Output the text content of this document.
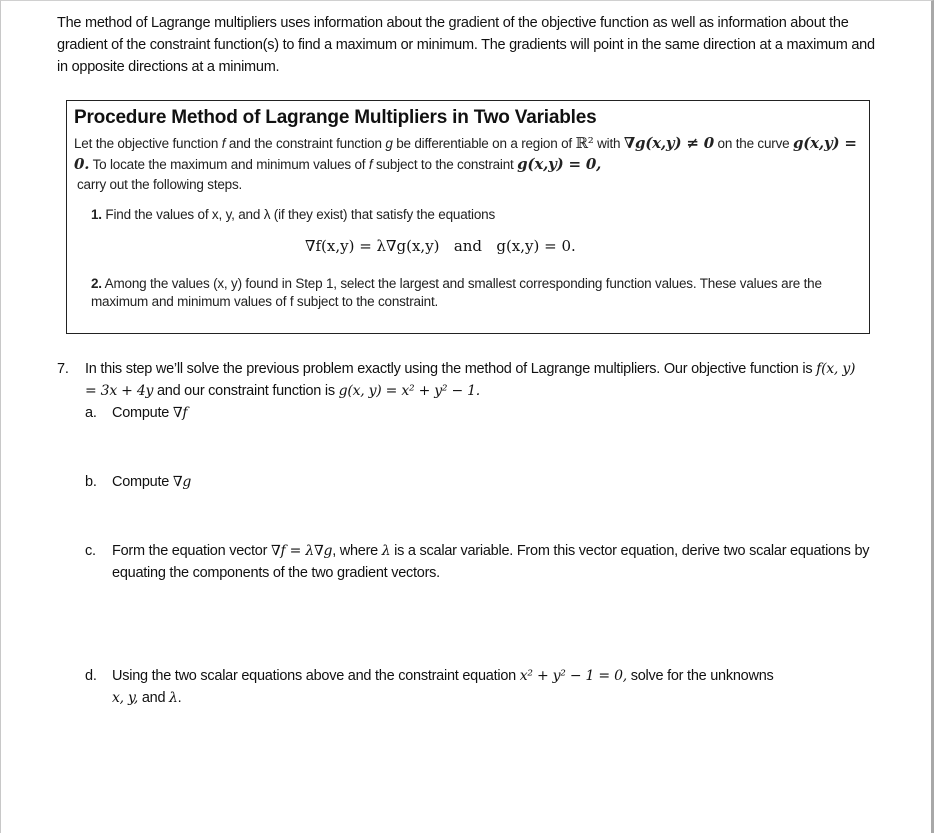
The method of Lagrange multipliers uses information about the gradient of the objective function as well as information about the gradient of the constraint function(s) to find a maximum or minimum. The gradients will point in the same direction at a maximum and in opposite directions at a minimum.

Procedure Method of Lagrange Multipliers in Two Variables
Let the objective function f and the constraint function g be differentiable on a region of ℝ² with ∇g(x,y) ≠ 0 on the curve g(x,y) = 0. To locate the maximum and minimum values of f subject to the constraint g(x,y) = 0,
carry out the following steps.
1. Find the values of x, y, and λ (if they exist) that satisfy the equations
∇f(x,y) = λ∇g(x,y)   and   g(x,y) = 0.
2. Among the values (x, y) found in Step 1, select the largest and smallest corresponding function values. These values are the maximum and minimum values of f subject to the constraint.
7. In this step we’ll solve the previous problem exactly using the method of Lagrange multipliers. Our objective function is f(x, y) = 3x + 4y and our constraint function is g(x, y) = x² + y² − 1.
a. Compute ∇f
b. Compute ∇g
c. Form the equation vector ∇f = λ∇g, where λ is a scalar variable. From this vector equation, derive two scalar equations by equating the components of the two gradient vectors.
d. Using the two scalar equations above and the constraint equation x² + y² − 1 = 0, solve for the unknowns
x, y, and λ.
